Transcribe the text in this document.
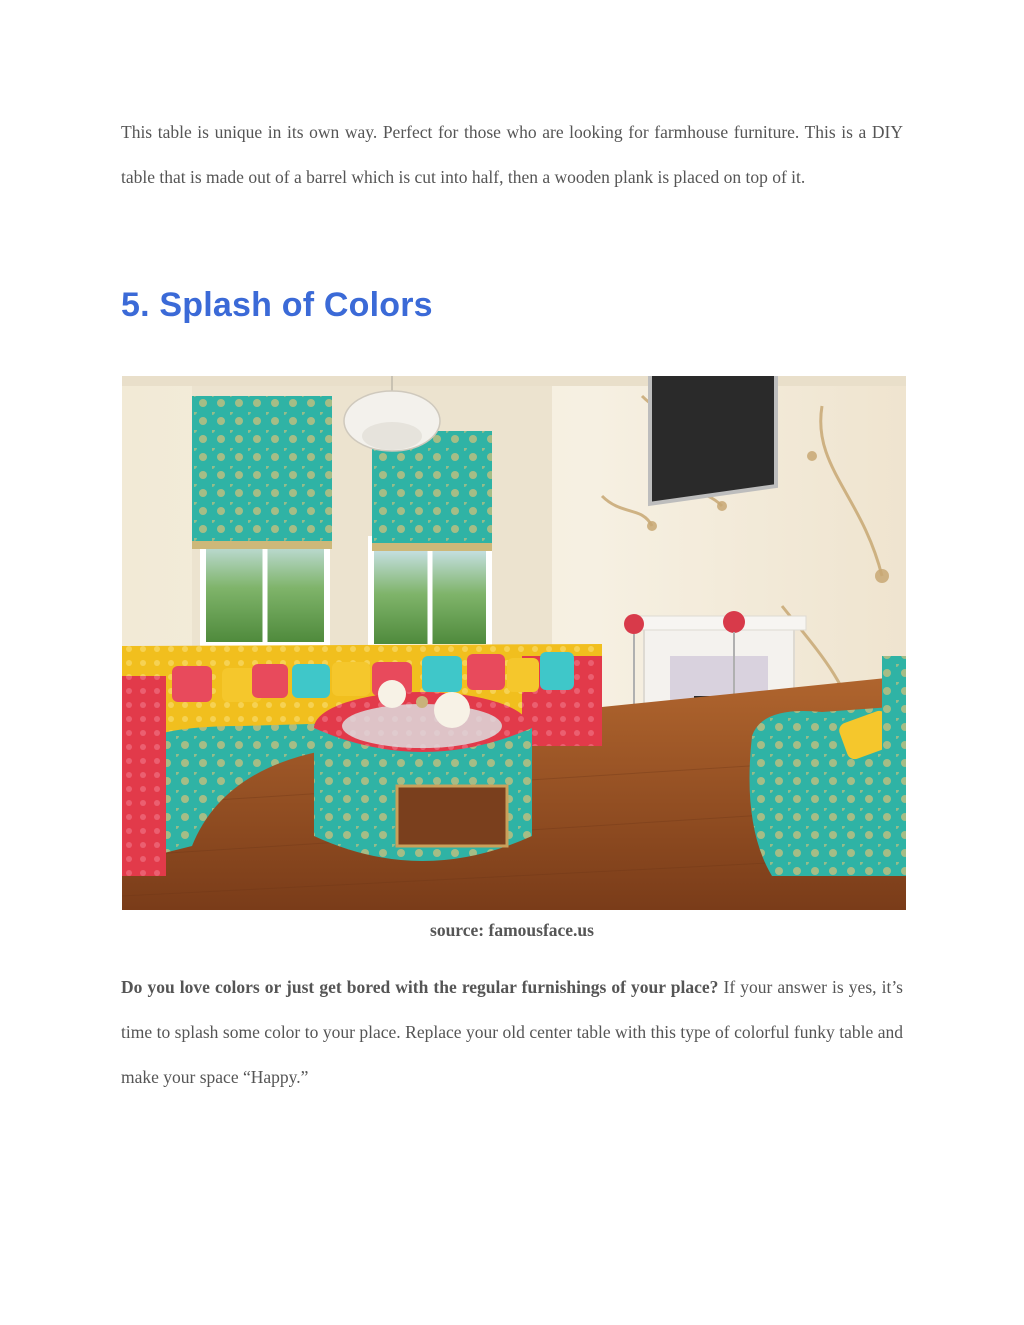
This table is unique in its own way. Perfect for those who are looking for farmhouse furniture. This is a DIY table that is made out of a barrel which is cut into half, then a wooden plank is placed on top of it.

5. Splash of Colors
source: famousface.us

Do you love colors or just get bored with the regular furnishings of your place? If your answer is yes, it’s time to splash some color to your place. Replace your old center table with this type of colorful funky table and make your space “Happy.”
